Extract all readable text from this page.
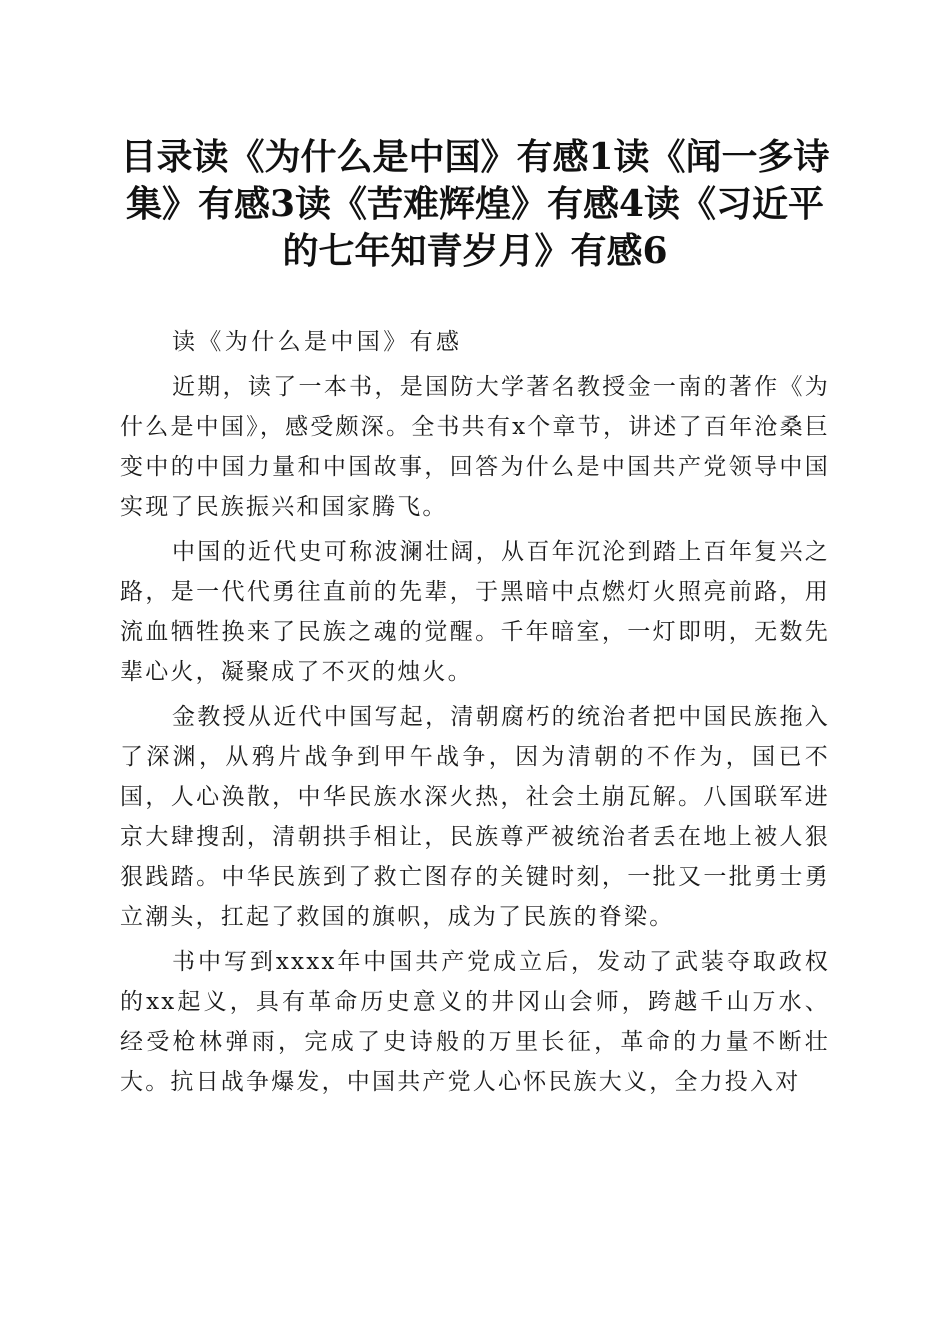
目录读《为什么是中国》有感1读《闻一多诗集》有感3读《苦难辉煌》有感4读《习近平的七年知青岁月》有感6

读《为什么是中国》有感

近期，读了一本书，是国防大学著名教授金一南的著作《为什么是中国》，感受颇深。全书共有x个章节，讲述了百年沧桑巨变中的中国力量和中国故事，回答为什么是中国共产党领导中国实现了民族振兴和国家腾飞。

中国的近代史可称波澜壮阔，从百年沉沦到踏上百年复兴之路，是一代代勇往直前的先辈，于黑暗中点燃灯火照亮前路，用流血牺牲换来了民族之魂的觉醒。千年暗室，一灯即明，无数先辈心火，凝聚成了不灭的烛火。

金教授从近代中国写起，清朝腐朽的统治者把中国民族拖入了深渊，从鸦片战争到甲午战争，因为清朝的不作为，国已不国，人心涣散，中华民族水深火热，社会土崩瓦解。八国联军进京大肆搜刮，清朝拱手相让，民族尊严被统治者丢在地上被人狠狠践踏。中华民族到了救亡图存的关键时刻，一批又一批勇士勇立潮头，扛起了救国的旗帜，成为了民族的脊梁。

书中写到xxxx年中国共产党成立后，发动了武装夺取政权的xx起义，具有革命历史意义的井冈山会师，跨越千山万水、经受枪林弹雨，完成了史诗般的万里长征，革命的力量不断壮大。抗日战争爆发，中国共产党人心怀民族大义，全力投入对
